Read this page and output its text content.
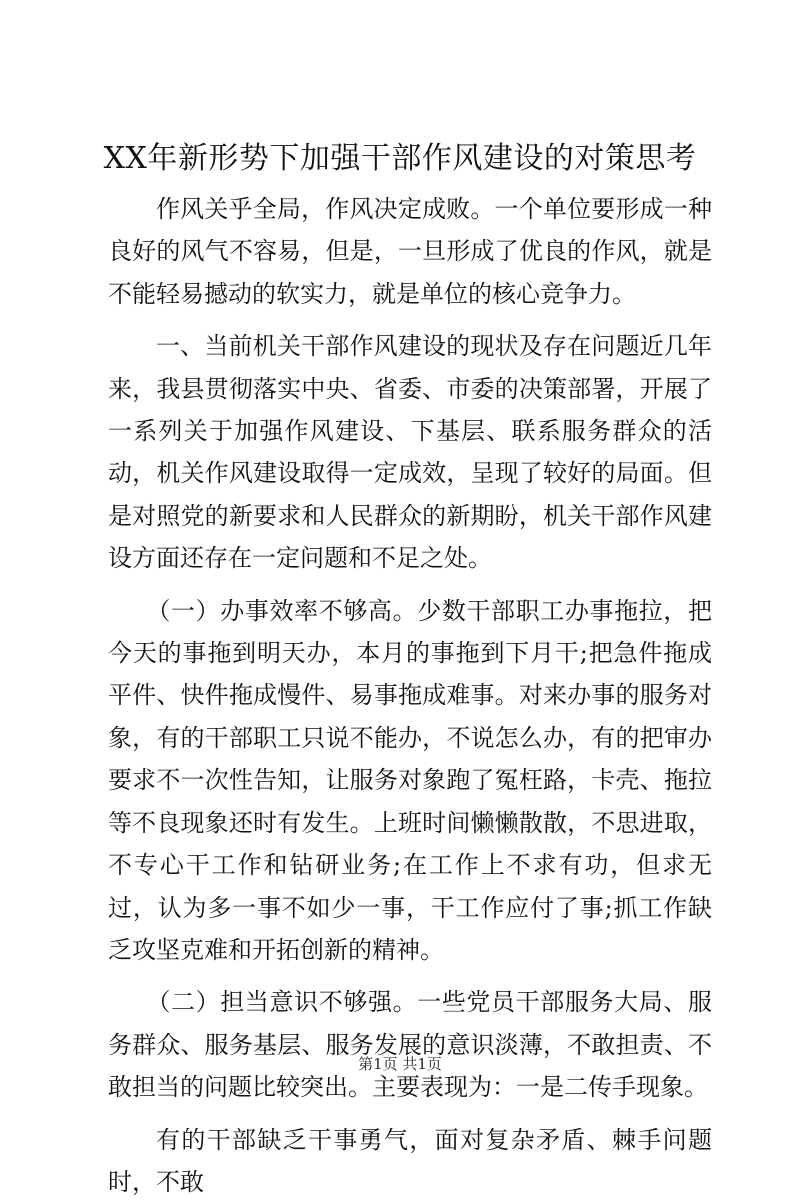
XX年新形势下加强干部作风建设的对策思考

作风关乎全局，作风决定成败。一个单位要形成一种良好的风气不容易，但是，一旦形成了优良的作风，就是不能轻易撼动的软实力，就是单位的核心竞争力。

一、当前机关干部作风建设的现状及存在问题近几年来，我县贯彻落实中央、省委、市委的决策部署，开展了一系列关于加强作风建设、下基层、联系服务群众的活动，机关作风建设取得一定成效，呈现了较好的局面。但是对照党的新要求和人民群众的新期盼，机关干部作风建设方面还存在一定问题和不足之处。

（一）办事效率不够高。少数干部职工办事拖拉，把今天的事拖到明天办，本月的事拖到下月干;把急件拖成平件、快件拖成慢件、易事拖成难事。对来办事的服务对象，有的干部职工只说不能办，不说怎么办，有的把审办要求不一次性告知，让服务对象跑了冤枉路，卡壳、拖拉等不良现象还时有发生。上班时间懒懒散散，不思进取，不专心干工作和钻研业务;在工作上不求有功，但求无过，认为多一事不如少一事，干工作应付了事;抓工作缺乏攻坚克难和开拓创新的精神。

（二）担当意识不够强。一些党员干部服务大局、服务群众、服务基层、服务发展的意识淡薄，不敢担责、不敢担当的问题比较突出。主要表现为：一是二传手现象。

有的干部缺乏干事勇气，面对复杂矛盾、棘手问题时，不敢

第1页 共1页
